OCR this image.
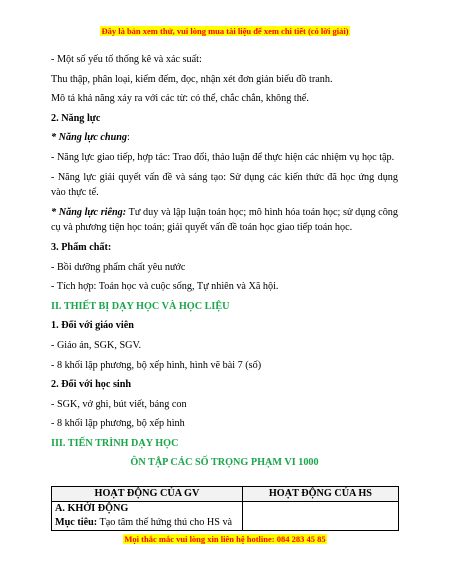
Đây là bản xem thử, vui lòng mua tài liệu để xem chi tiết (có lời giải)

- Một số yếu tố thống kê và xác suất:

Thu thập, phân loại, kiểm đếm, đọc, nhận xét đơn giản biểu đồ tranh.

Mô tả khả năng xảy ra với các từ: có thể, chắc chắn, không thể.

2. Năng lực

* Năng lực chung:

- Năng lực giao tiếp, hợp tác: Trao đổi, thảo luận để thực hiện các nhiệm vụ học tập.

- Năng lực giải quyết vấn đề và sáng tạo: Sử dụng các kiến thức đã học ứng dụng vào thực tế.

* Năng lực riêng: Tư duy và lập luận toán học; mô hình hóa toán học; sử dụng công cụ và phương tiện học toán; giải quyết vấn đề toán học giao tiếp toán học.

3. Phẩm chất:

- Bồi dưỡng phẩm chất yêu nước

- Tích hợp: Toán học và cuộc sống, Tự nhiên và Xã hội.

II. THIẾT BỊ DẠY HỌC VÀ HỌC LIỆU

1. Đối với giáo viên

- Giáo án, SGK, SGV.

- 8 khối lập phương, bộ xếp hình, hình vẽ bài 7 (số)

2. Đối với học sinh

- SGK, vở ghi, bút viết, bảng con

- 8 khối lập phương, bộ xếp hình

III. TIẾN TRÌNH DẠY HỌC

ÔN TẬP CÁC SỐ TRỌNG PHẠM VI 1000

HOẠT ĐỘNG CỦA GV	HOẠT ĐỘNG CỦA HS

A. KHỞI ĐỘNG
Mục tiêu: Tạo tâm thế hứng thú cho HS và	

Mọi thắc mắc vui lòng xin liên hệ hotline: 084 283 45 85
